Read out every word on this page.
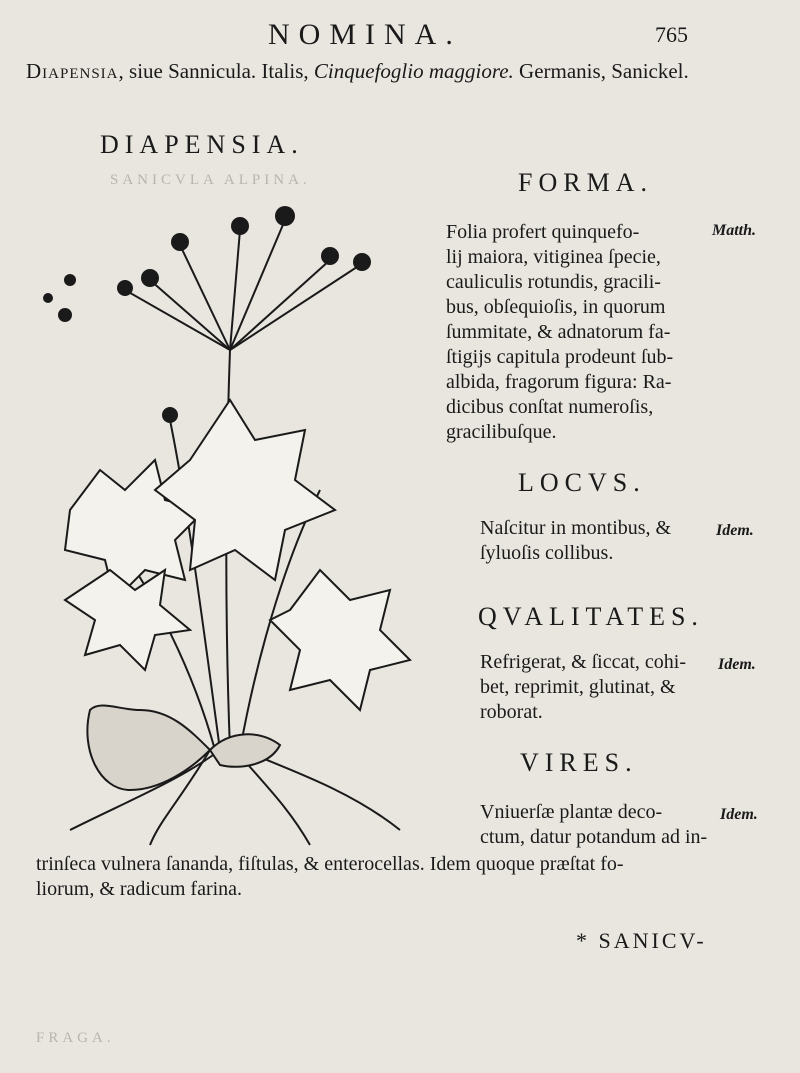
SANICVLA ALPINA.
FRAGA.
NOMINA.	765
Diapensia, siue Sannicula. Italis, Cinquefoglio maggiore. Germanis, Sanickel.
DIAPENSIA.
FORMA.
Folia profert quinquefo-
lij maiora, vitiginea ſpecie,
cauliculis rotundis, gracili-
bus, obſequioſis, in quorum
ſummitate, & adnatorum fa-
ſtigijs capitula prodeunt ſub-
albida, fragorum figura: Ra-
dicibus conſtat numeroſis,
gracilibuſque.
Matth.
LOCVS.
Naſcitur in montibus, &
ſyluoſis collibus.
Idem.
QVALITATES.
Refrigerat, & ſiccat, cohi-
bet, reprimit, glutinat, &
roborat.
Idem.
VIRES.
Vniuerſæ plantæ deco-
ctum, datur potandum ad in-
Idem.
trinſeca vulnera ſananda, fiſtulas, & enterocellas. Idem quoque præſtat fo-
liorum, & radicum farina.
* SANICV-
